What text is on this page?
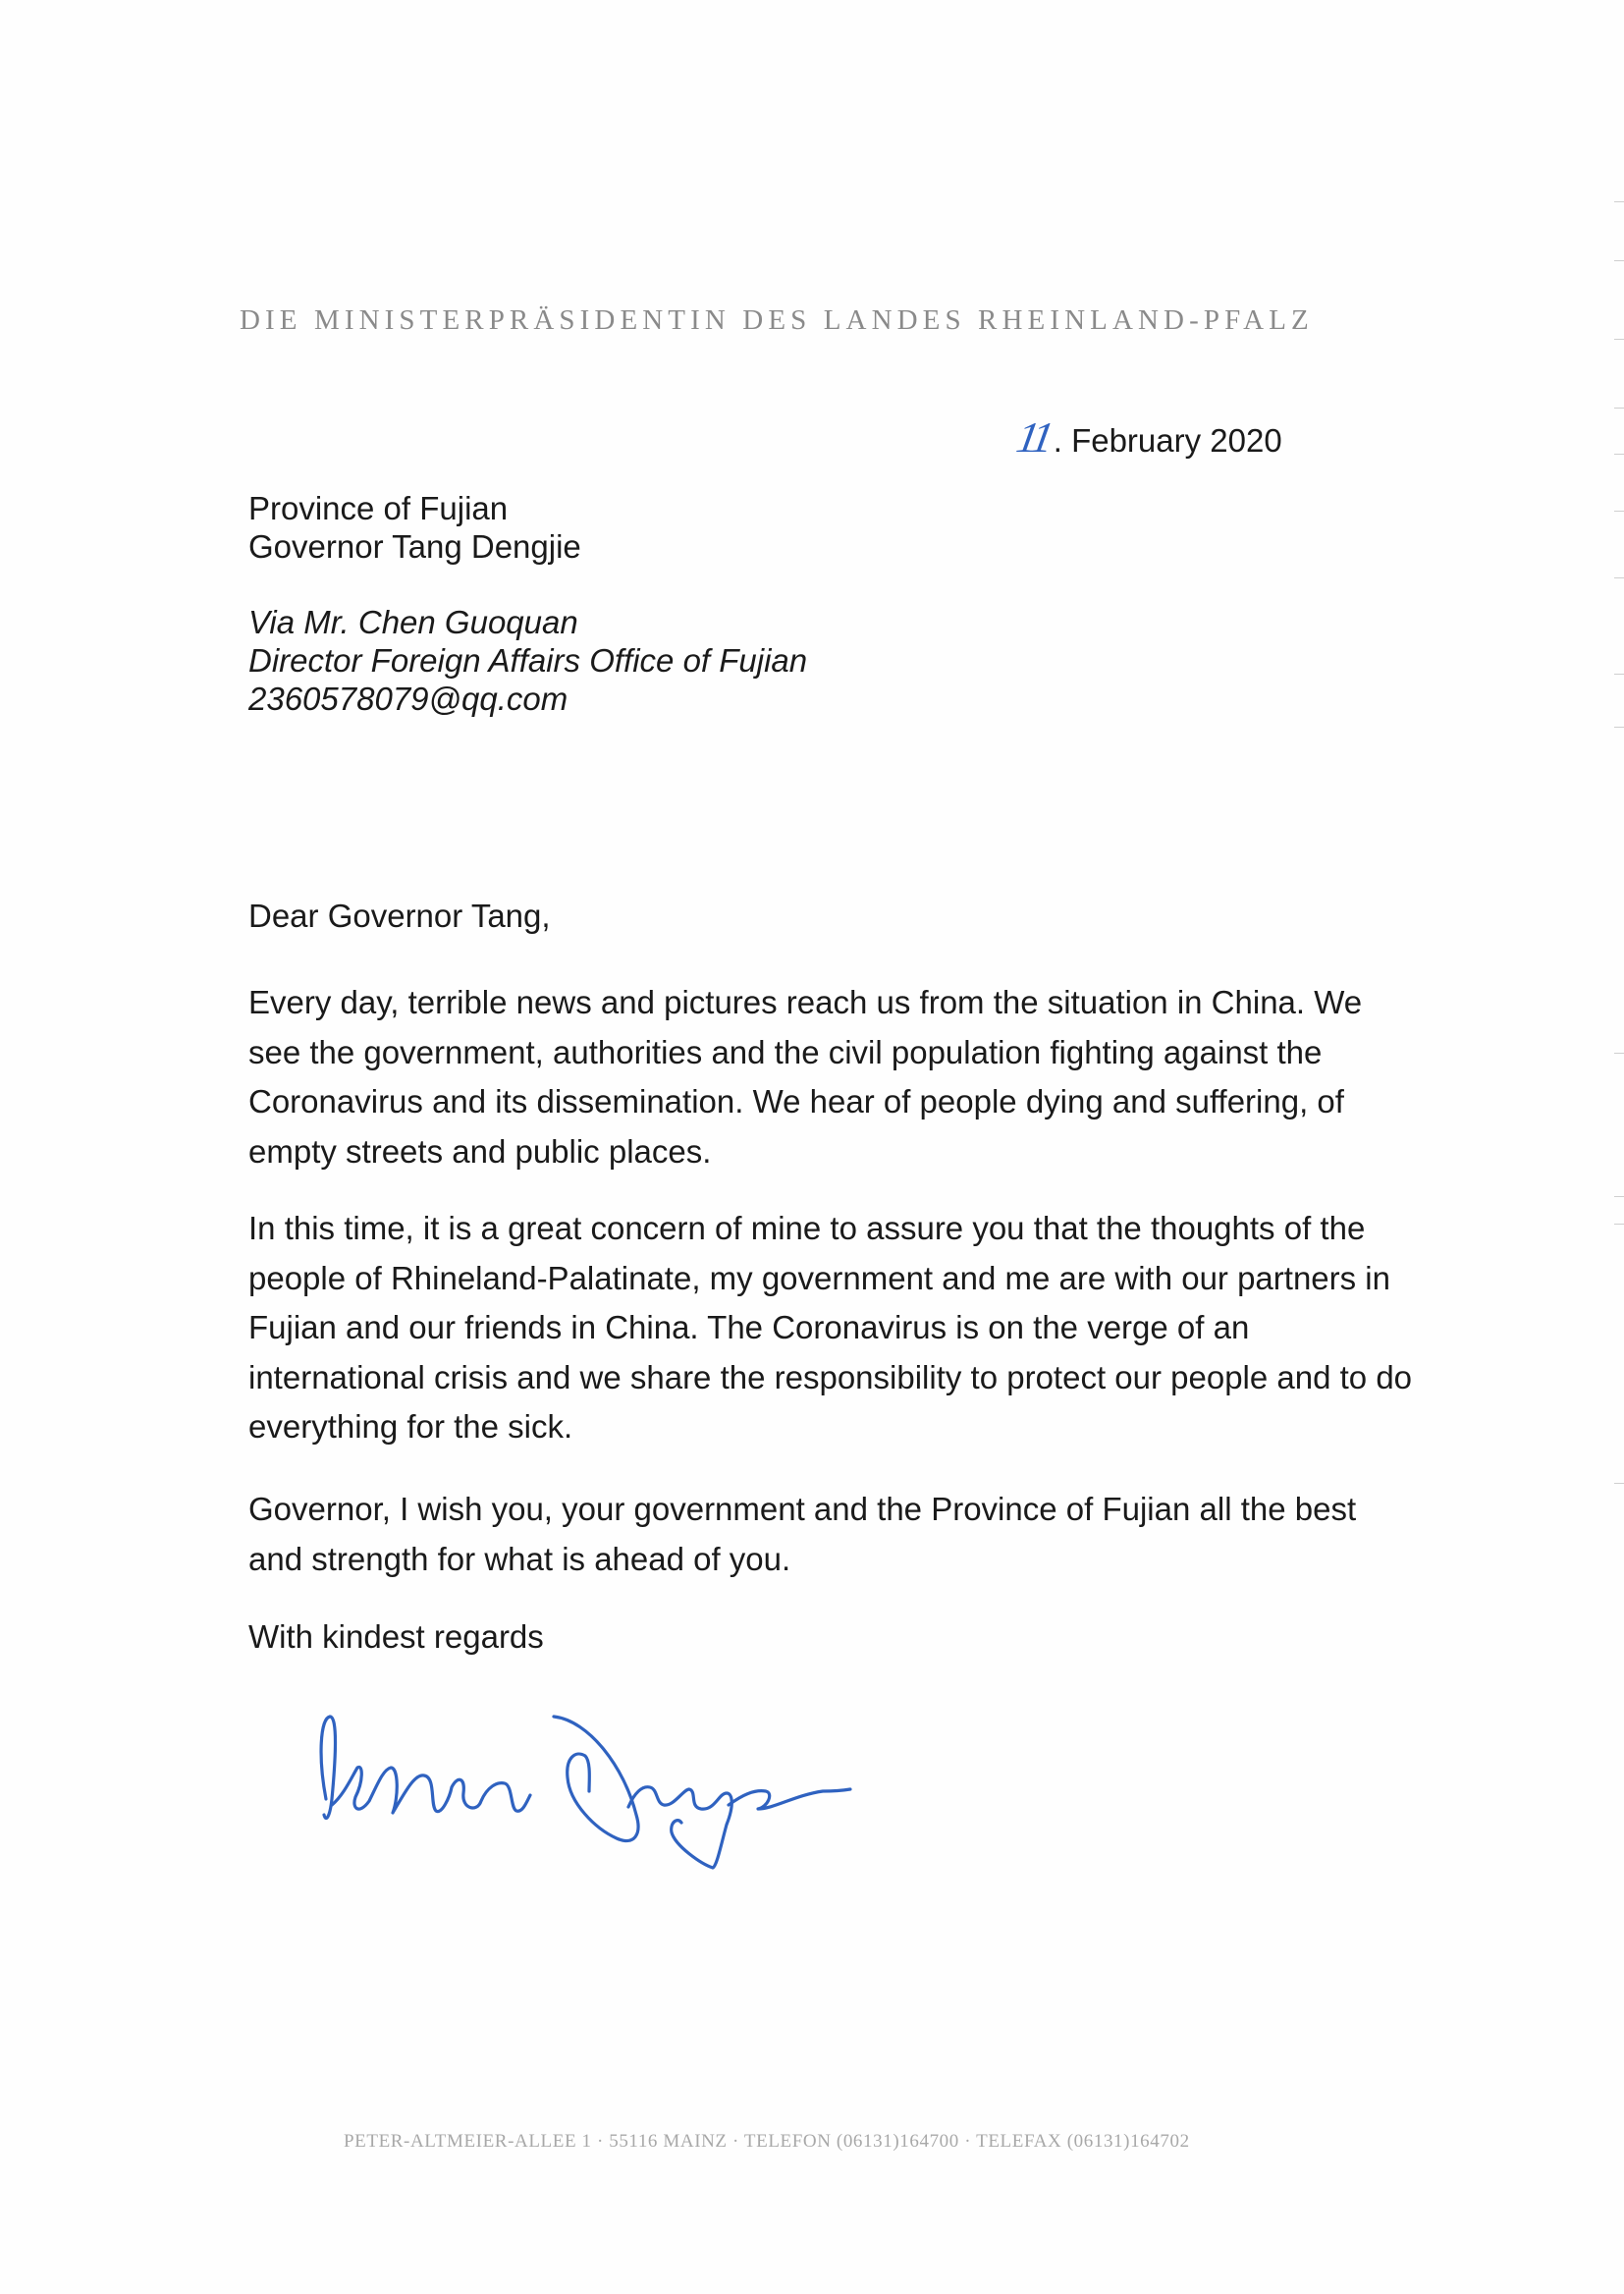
DIE MINISTERPRÄSIDENTIN DES LANDES RHEINLAND-PFALZ
11. February 2020
Province of Fujian
Governor Tang Dengjie
Via Mr. Chen Guoquan
Director Foreign Affairs Office of Fujian
2360578079@qq.com
Dear Governor Tang,
Every day, terrible news and pictures reach us from the situation in China. We
see the government, authorities and the civil population fighting against the
Coronavirus and its dissemination. We hear of people dying and suffering, of
empty streets and public places.
In this time, it is a great concern of mine to assure you that the thoughts of the
people of Rhineland-Palatinate, my government and me are with our partners in
Fujian and our friends in China. The Coronavirus is on the verge of an
international crisis and we share the responsibility to protect our people and to do
everything for the sick.
Governor, I wish you, your government and the Province of Fujian all the best
and strength for what is ahead of you.
With kindest regards
PETER-ALTMEIER-ALLEE 1 · 55116 MAINZ · TELEFON (06131)164700 · TELEFAX (06131)164702
